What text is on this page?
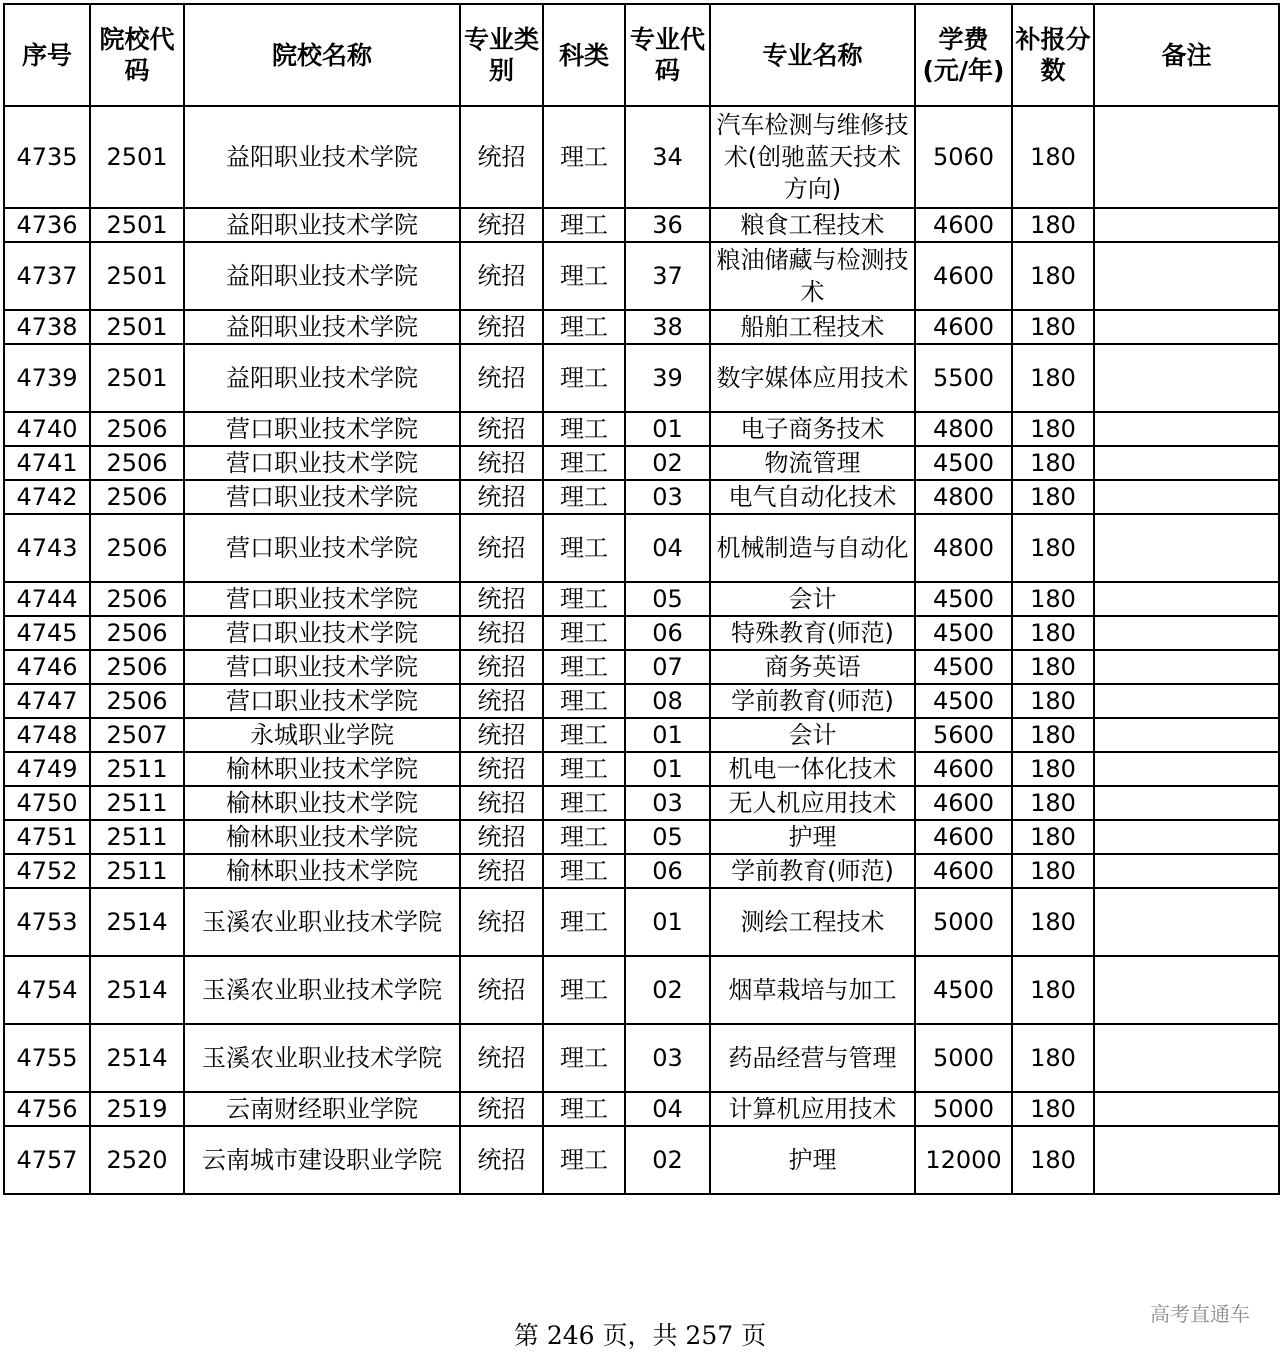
序号	院校代码	院校名称	专业类别	科类	专业代码	专业名称	学费(元/年)	补报分数	备注
4735	2501	益阳职业技术学院	统招	理工	34	汽车检测与维修技术(创驰蓝天技术方向)	5060	180	
4736	2501	益阳职业技术学院	统招	理工	36	粮食工程技术	4600	180	
4737	2501	益阳职业技术学院	统招	理工	37	粮油储藏与检测技术	4600	180	
4738	2501	益阳职业技术学院	统招	理工	38	船舶工程技术	4600	180	
4739	2501	益阳职业技术学院	统招	理工	39	数字媒体应用技术	5500	180	
4740	2506	营口职业技术学院	统招	理工	01	电子商务技术	4800	180	
4741	2506	营口职业技术学院	统招	理工	02	物流管理	4500	180	
4742	2506	营口职业技术学院	统招	理工	03	电气自动化技术	4800	180	
4743	2506	营口职业技术学院	统招	理工	04	机械制造与自动化	4800	180	
4744	2506	营口职业技术学院	统招	理工	05	会计	4500	180	
4745	2506	营口职业技术学院	统招	理工	06	特殊教育(师范)	4500	180	
4746	2506	营口职业技术学院	统招	理工	07	商务英语	4500	180	
4747	2506	营口职业技术学院	统招	理工	08	学前教育(师范)	4500	180	
4748	2507	永城职业学院	统招	理工	01	会计	5600	180	
4749	2511	榆林职业技术学院	统招	理工	01	机电一体化技术	4600	180	
4750	2511	榆林职业技术学院	统招	理工	03	无人机应用技术	4600	180	
4751	2511	榆林职业技术学院	统招	理工	05	护理	4600	180	
4752	2511	榆林职业技术学院	统招	理工	06	学前教育(师范)	4600	180	
4753	2514	玉溪农业职业技术学院	统招	理工	01	测绘工程技术	5000	180	
4754	2514	玉溪农业职业技术学院	统招	理工	02	烟草栽培与加工	4500	180	
4755	2514	玉溪农业职业技术学院	统招	理工	03	药品经营与管理	5000	180	
4756	2519	云南财经职业学院	统招	理工	04	计算机应用技术	5000	180	
4757	2520	云南城市建设职业学院	统招	理工	02	护理	12000	180	
第 246 页，共 257 页
高考直通车
